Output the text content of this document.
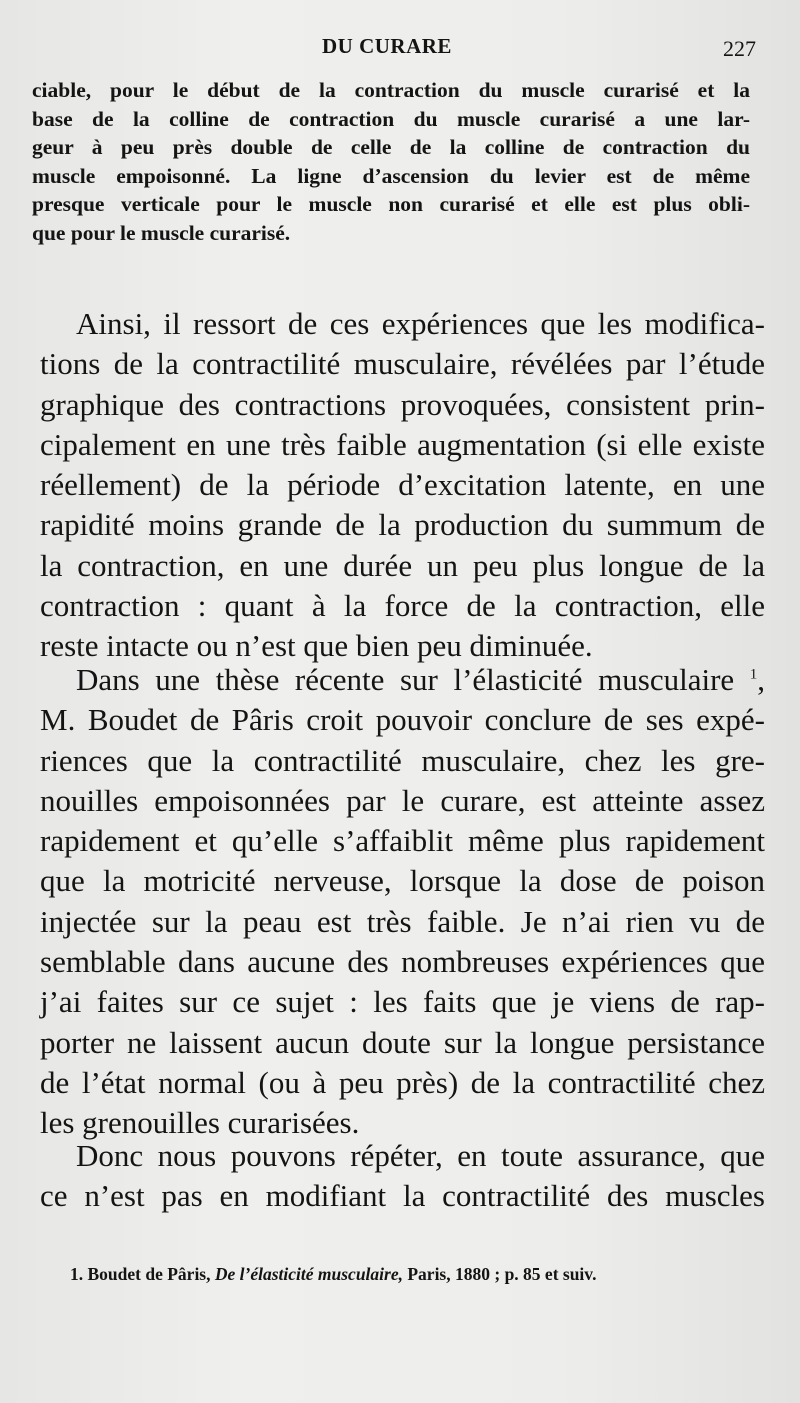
DU CURARE	227
ciable, pour le début de la contraction du muscle curarisé et la
base de la colline de contraction du muscle curarisé a une lar-
geur à peu près double de celle de la colline de contraction du
muscle empoisonné. La ligne d’ascension du levier est de même
presque verticale pour le muscle non curarisé et elle est plus obli-
que pour le muscle curarisé.
Ainsi, il ressort de ces expériences que les modifica-
tions de la contractilité musculaire, révélées par l’étude
graphique des contractions provoquées, consistent prin-
cipalement en une très faible augmentation (si elle existe
réellement) de la période d’excitation latente, en une
rapidité moins grande de la production du summum de
la contraction, en une durée un peu plus longue de la
contraction : quant à la force de la contraction, elle
reste intacte ou n’est que bien peu diminuée.
Dans une thèse récente sur l’élasticité musculaire $^1$,
M. Boudet de Pâris croit pouvoir conclure de ses expé-
riences que la contractilité musculaire, chez les gre-
nouilles empoisonnées par le curare, est atteinte assez
rapidement et qu’elle s’affaiblit même plus rapidement
que la motricité nerveuse, lorsque la dose de poison
injectée sur la peau est très faible. Je n’ai rien vu de
semblable dans aucune des nombreuses expériences que
j’ai faites sur ce sujet : les faits que je viens de rap-
porter ne laissent aucun doute sur la longue persistance
de l’état normal (ou à peu près) de la contractilité chez
les grenouilles curarisées.
Donc nous pouvons répéter, en toute assurance, que
ce n’est pas en modifiant la contractilité des muscles
1. Boudet de Pâris, De l’élasticité musculaire, Paris, 1880 ; p. 85 et suiv.
